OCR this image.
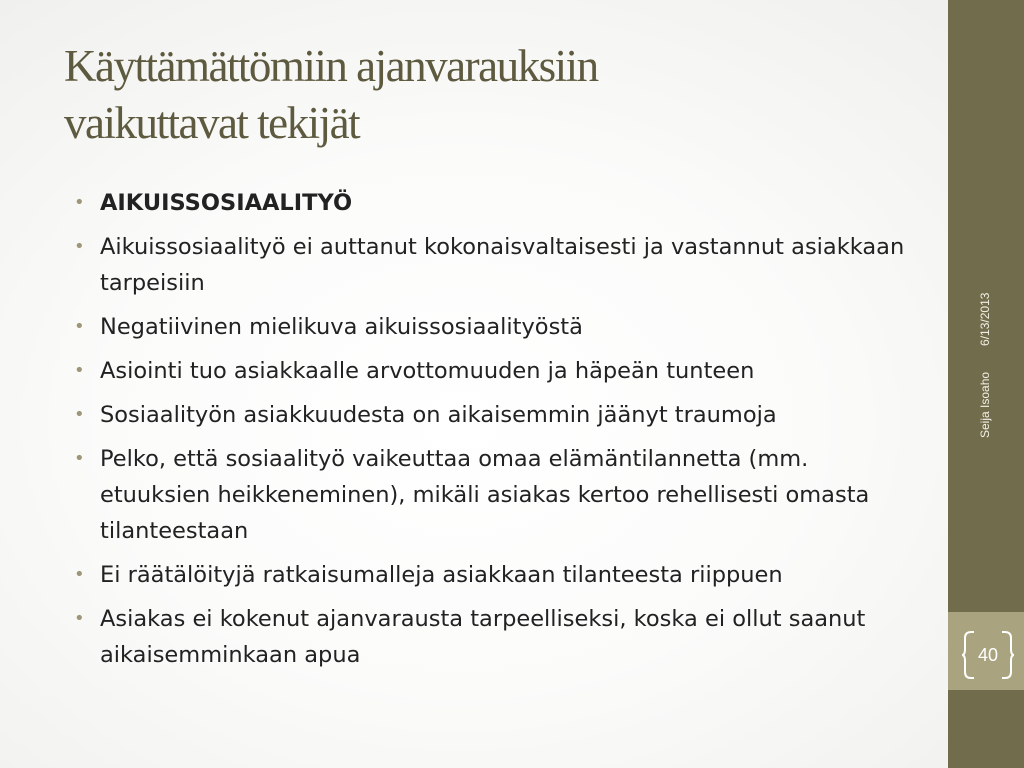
Käyttämättömiin ajanvarauksiin
vaikuttavat tekijät
• AIKUISSOSIAALITYÖ
• Aikuissosiaalityö ei auttanut kokonaisvaltaisesti ja vastannut asiakkaan tarpeisiin
• Negatiivinen mielikuva aikuissosiaalityöstä
• Asiointi tuo asiakkaalle arvottomuuden ja häpeän tunteen
• Sosiaalityön asiakkuudesta on aikaisemmin jäänyt traumoja
• Pelko, että sosiaalityö vaikeuttaa omaa elämäntilannetta (mm. etuuksien heikkeneminen), mikäli asiakas kertoo rehellisesti omasta tilanteestaan
• Ei räätälöityjä ratkaisumalleja asiakkaan tilanteesta riippuen
• Asiakas ei kokenut ajanvarausta tarpeelliseksi, koska ei ollut saanut aikaisemminkaan apua
Seija Isoaho6/13/2013
40
